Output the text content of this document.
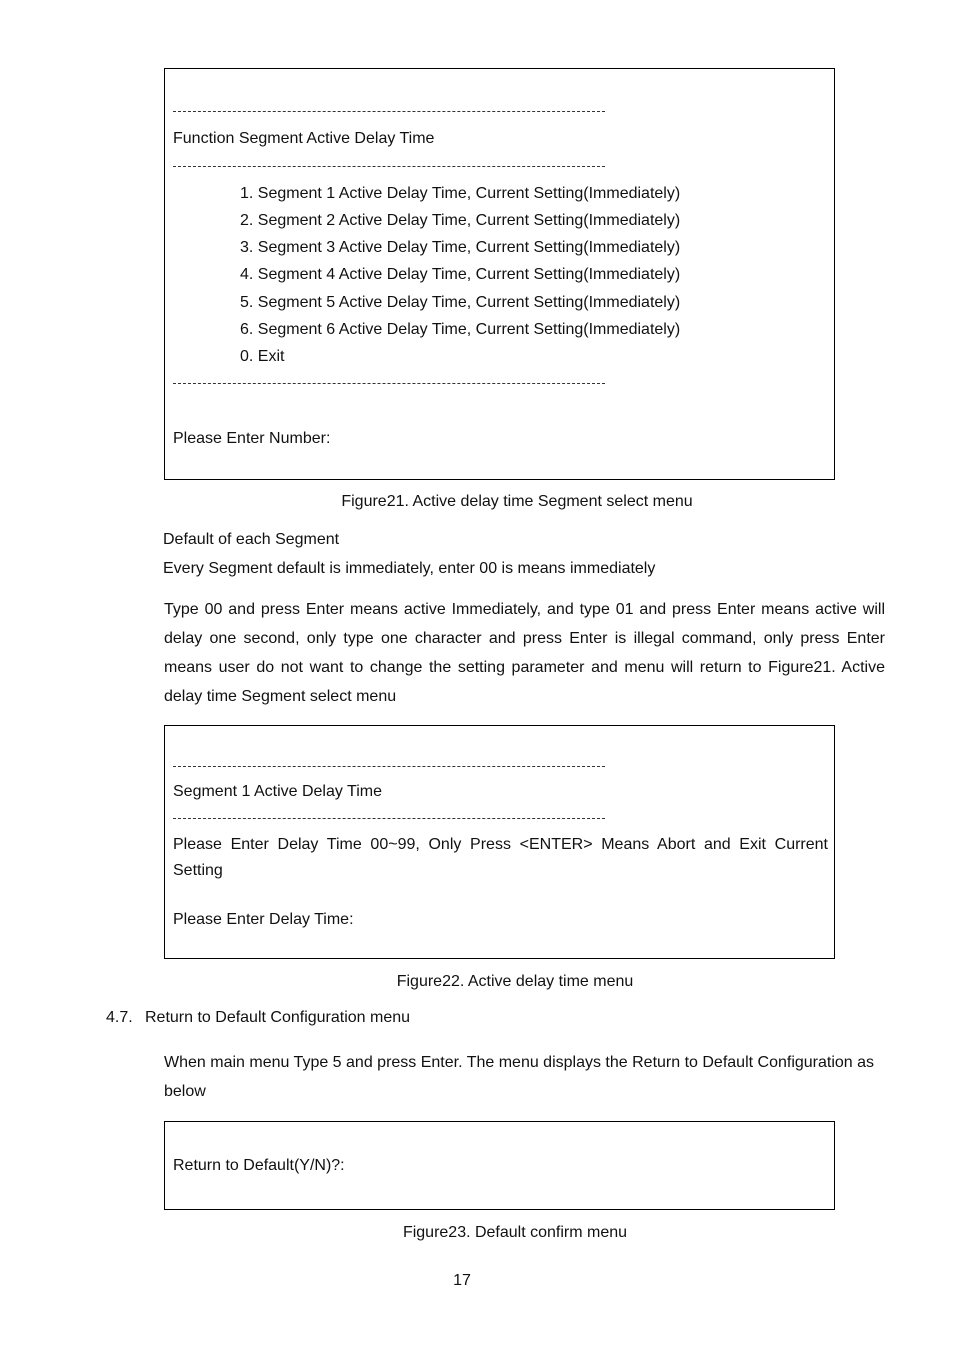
Function Segment Active Delay Time
1. Segment 1 Active Delay Time, Current Setting(Immediately)
2. Segment 2 Active Delay Time, Current Setting(Immediately)
3. Segment 3 Active Delay Time, Current Setting(Immediately)
4. Segment 4 Active Delay Time, Current Setting(Immediately)
5. Segment 5 Active Delay Time, Current Setting(Immediately)
6. Segment 6 Active Delay Time, Current Setting(Immediately)
0. Exit
Please Enter Number:
Figure21. Active delay time Segment select menu
Default of each Segment
Every Segment default is immediately, enter 00 is means immediately
Type 00 and press Enter means active Immediately, and type 01 and press Enter means active will delay one second, only type one character and press Enter is illegal command, only press Enter means user do not want to change the setting parameter and menu will return to Figure21. Active delay time Segment select menu
Segment 1 Active Delay Time
Please Enter Delay Time 00~99, Only Press <ENTER> Means Abort and Exit Current Setting
Please Enter Delay Time:
Figure22. Active delay time menu
4.7. Return to Default Configuration menu
When main menu Type 5 and press Enter. The menu displays the Return to Default Configuration as below
Return to Default(Y/N)?:
Figure23. Default confirm menu
17
